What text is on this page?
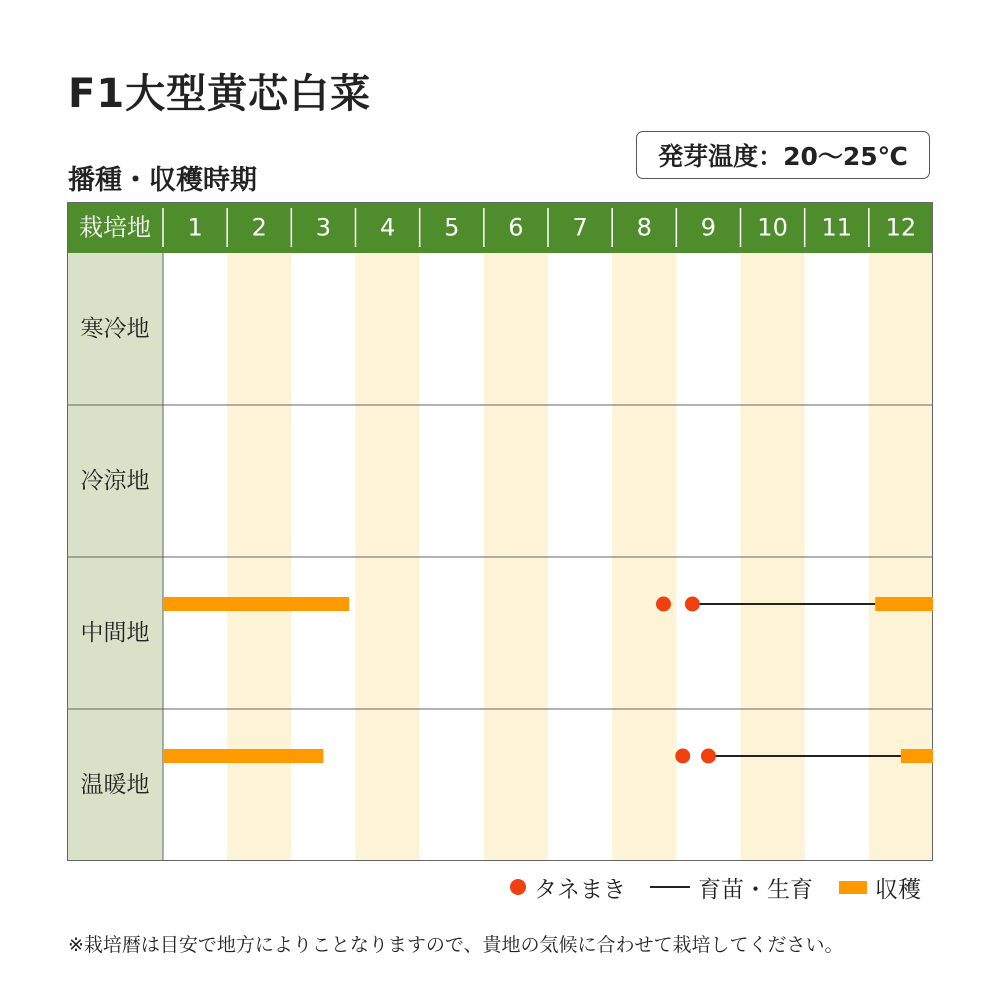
F1大型黄芯白菜
播種・収穫時期
発芽温度：20～25℃
栽培地 1 2 3 4 5 6 7 8 9 10 11 12
寒冷地
冷涼地
中間地
温暖地
タネまき	育苗・生育	収穫
※栽培暦は目安で地方によりことなりますので、貴地の気候に合わせて栽培してください。
